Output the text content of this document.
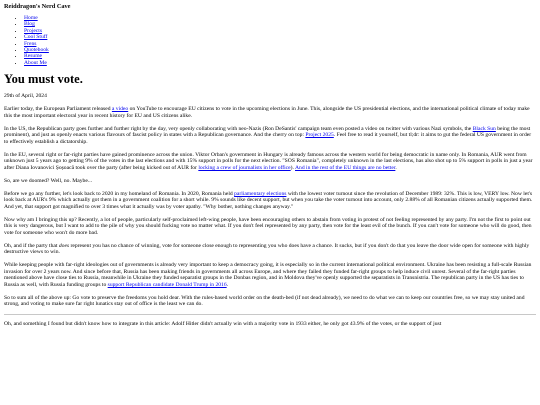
Reiddragon's Nerd Cave
• Home
• Blog
• Projects
• Cool Stuff
• Frens
• Quotebook
• Resume
• About Me
You must vote.

29th of April, 2024

Earlier today, the European Parliament released a video on YouTube to encourage EU citizens to vote in the upcoming elections in June. This, alongside the US presidential elections, and the international political climate of today make this the most important electoral year in recent history for EU and US citizens alike.

In the US, the Republican party goes further and further right by the day, very openly collaborating with neo-Nazis (Ron DeSantis' campaign team even posted a video on twitter with various Nazi symbols, the Black Sun being the most prominent), and just as openly enacts various flavours of fascist policy in states with a Republican governance. And the cherry on top: Project 2025. Feel free to read it yourself, but tl;dr: it aims to gut the federal US government in order to effectively establish a dictatorship.

In the EU, several right or far-right parties have gained prominence across the union. Viktor Orban's government in Hungary is already famous across the western world for being democratic in name only. In Romania, AUR went from unknown just 5 years ago to getting 9% of the votes in the last elections and with 15% support in polls for the next election. "SOS Romania", completely unknown in the last elections, has also shot up to 5% support in polls in just a year after Diana Iovanovici Șoșoacă took over the party (after being kicked out of AUR for locking a crew of journalists in her office). And in the rest of the EU things are no better.

So, are we doomed? Well, no. Maybe...

Before we go any further, let's look back to 2020 in my homeland of Romania. In 2020, Romania held parliamentary elections with the lowest voter turnout since the revolution of December 1989: 32%. This is low, VERY low. Now let's look back at AUR's 9% which actually got them in a government coalition for a short while. 9% sounds like decent support, but when you take the voter turnout into account, only 2.88% of all Romanian citizens actually supported them. And yet, that support got magnified to over 3 times what it actually was by voter apathy. "Why bother, nothing changes anyway."

Now why am I bringing this up? Recently, a lot of people, particularly self-proclaimed left-wing people, have been encouraging others to abstain from voting in protest of not feeling represented by any party. I'm not the first to point out this is very dangerous, but I want to add to the pile of why you should fucking vote no matter what. If you don't feel represented by any party, then vote for the least evil of the bunch. If you can't vote for someone who will do good, then vote for someone who won't do more bad.

Oh, and if the party that does represent you has no chance of winning, vote for someone close enough to representing you who does have a chance. It sucks, but if you don't do that you leave the door wide open for someone with highly destructive views to win.

While keeping people with far-right ideologies out of governments is already very important to keep a democracy going, it is especially so in the current international political environment. Ukraine has been resisting a full-scale Russian invasion for over 2 years now. And since before that, Russia has been making friends in governments all across Europe, and where they failed they funded far-right groups to help induce civil unrest. Several of the far-right parties mentioned above have close ties to Russia, meanwhile in Ukraine they funded separatist groups in the Donbas region, and in Moldova they've openly supported the separatists in Transnistria. The republican party in the US has ties to Russia as well, with Russia funding groups to support Republican candidate Donald Trump in 2016.

So to sum all of the above up: Go vote to preserve the freedoms you hold dear. With the rules-based world order on the death-bed (if not dead already), we need to do what we can to keep our countries free, so we may stay united and strong, and voting to make sure far right lunatics stay out of office is the least we can do.

Oh, and something I found but didn't know how to integrate in this article: Adolf Hitler didn't actually win with a majority vote in 1933 either, he only got 43.9% of the votes, or the support of just
